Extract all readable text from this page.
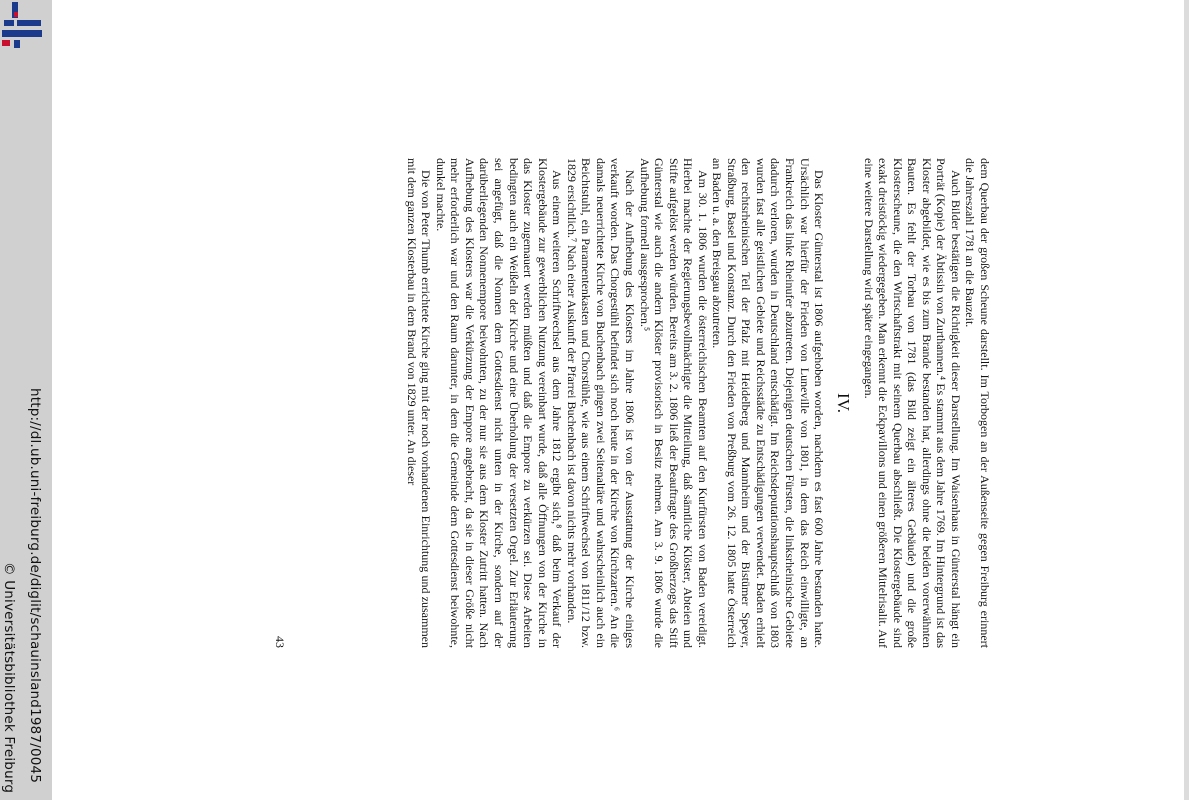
http://dl.ub.uni-freiburg.de/diglit/schauinsland1987/0045
© Universitätsbibliothek Freiburg

dem Querbau der großen Scheune darstellt. Im Torbogen an der Außenseite gegen Freiburg erinnert die Jahreszahl 1781 an die Bauzeit.

Auch Bilder bestätigen die Richtigkeit dieser Darstellung. Im Waisenhaus in Günterstal hängt ein Porträt (Kopie) der Äbtissin von Zurthannen.⁴ Es stammt aus dem Jahre 1769. Im Hintergrund ist das Kloster abgebildet, wie es bis zum Brande bestanden hat, allerdings ohne die beiden vorerwähnten Bauten. Es fehlt der Torbau von 1781 (das Bild zeigt ein älteres Gebäude) und die große Klosterscheune, die den Wirtschaftstrakt mit seinem Querbau abschließt. Die Klostergebäude sind exakt dreistöckig wiedergegeben. Man erkennt die Eckpavillons und einen größeren Mittelrisalit. Auf eine weitere Darstellung wird später eingegangen.

IV.

Das Kloster Günterstal ist 1806 aufgehoben worden, nachdem es fast 600 Jahre bestanden hatte. Ursächlich war hierfür der Frieden von Luneville von 1801, in dem das Reich einwilligte, an Frankreich das linke Rheinufer abzutreten. Diejenigen deutschen Fürsten, die linksrheinische Gebiete dadurch verloren, wurden in Deutschland entschädigt. Im Reichsdeputationshauptschluß von 1803 wurden fast alle geistlichen Gebiete und Reichsstädte zu Entschädigungen verwendet. Baden erhielt den rechtsrheinischen Teil der Pfalz mit Heidelberg und Mannheim und der Bistümer Speyer, Straßburg, Basel und Konstanz. Durch den Frieden von Preßburg vom 26. 12. 1805 hatte Österreich an Baden u. a. den Breisgau abzutreten.

Am 30. 1. 1806 wurden die österreichischen Beamten auf den Kurfürsten von Baden vereidigt. Hierbei machte der Regierungsbevollmächtigte die Mitteilung, daß sämtliche Klöster, Abteien und Stifte aufgelöst werden würden. Bereits am 3. 2. 1806 ließ der Beauftragte des Großherzogs das Stift Günterstal wie auch die andern Klöster provisorisch in Besitz nehmen. Am 3. 9. 1806 wurde die Aufhebung formell ausgesprochen.⁵

Nach der Aufhebung des Klosters im Jahre 1806 ist von der Ausstattung der Kirche einiges verkauft worden. Das Chorgestühl befindet sich noch heute in der Kirche von Kirchzarten.⁶ An die damals neuerrichtete Kirche von Buchenbach gingen zwei Seitenaltäre und wahrscheinlich auch ein Beichtstuhl, ein Paramentenkasten und Chorstühle, wie aus einem Schriftwechsel von 1811/12 bzw. 1829 ersichtlich.⁷ Nach einer Auskunft der Pfarrei Buchenbach ist davon nichts mehr vorhanden.

Aus einem weiteren Schriftwechsel aus dem Jahre 1812 ergibt sich,⁸ daß beim Verkauf der Klostergebäude zur gewerblichen Nutzung vereinbart wurde, daß alle Öffnungen von der Kirche in das Kloster zugemauert werden müßten und daß die Empore zu verkürzen sei. Diese Arbeiten bedingten auch ein Weißeln der Kirche und eine Überholung der versetzten Orgel. Zur Erläuterung sei angefügt, daß die Nonnen dem Gottesdienst nicht unten in der Kirche, sondern auf der darüberliegenden Nonnenempore beiwohnten, zu der nur sie aus dem Kloster Zutritt hatten. Nach Aufhebung des Klosters war die Verkürzung der Empore angebracht, da sie in dieser Größe nicht mehr erforderlich war und den Raum darunter, in dem die Gemeinde dem Gottesdienst beiwohnte, dunkel machte.

Die von Peter Thumb errichtete Kirche ging mit der noch vorhandenen Einrichtung und zusammen mit dem ganzen Klosterbau in dem Brand von 1829 unter. An dieser

43
